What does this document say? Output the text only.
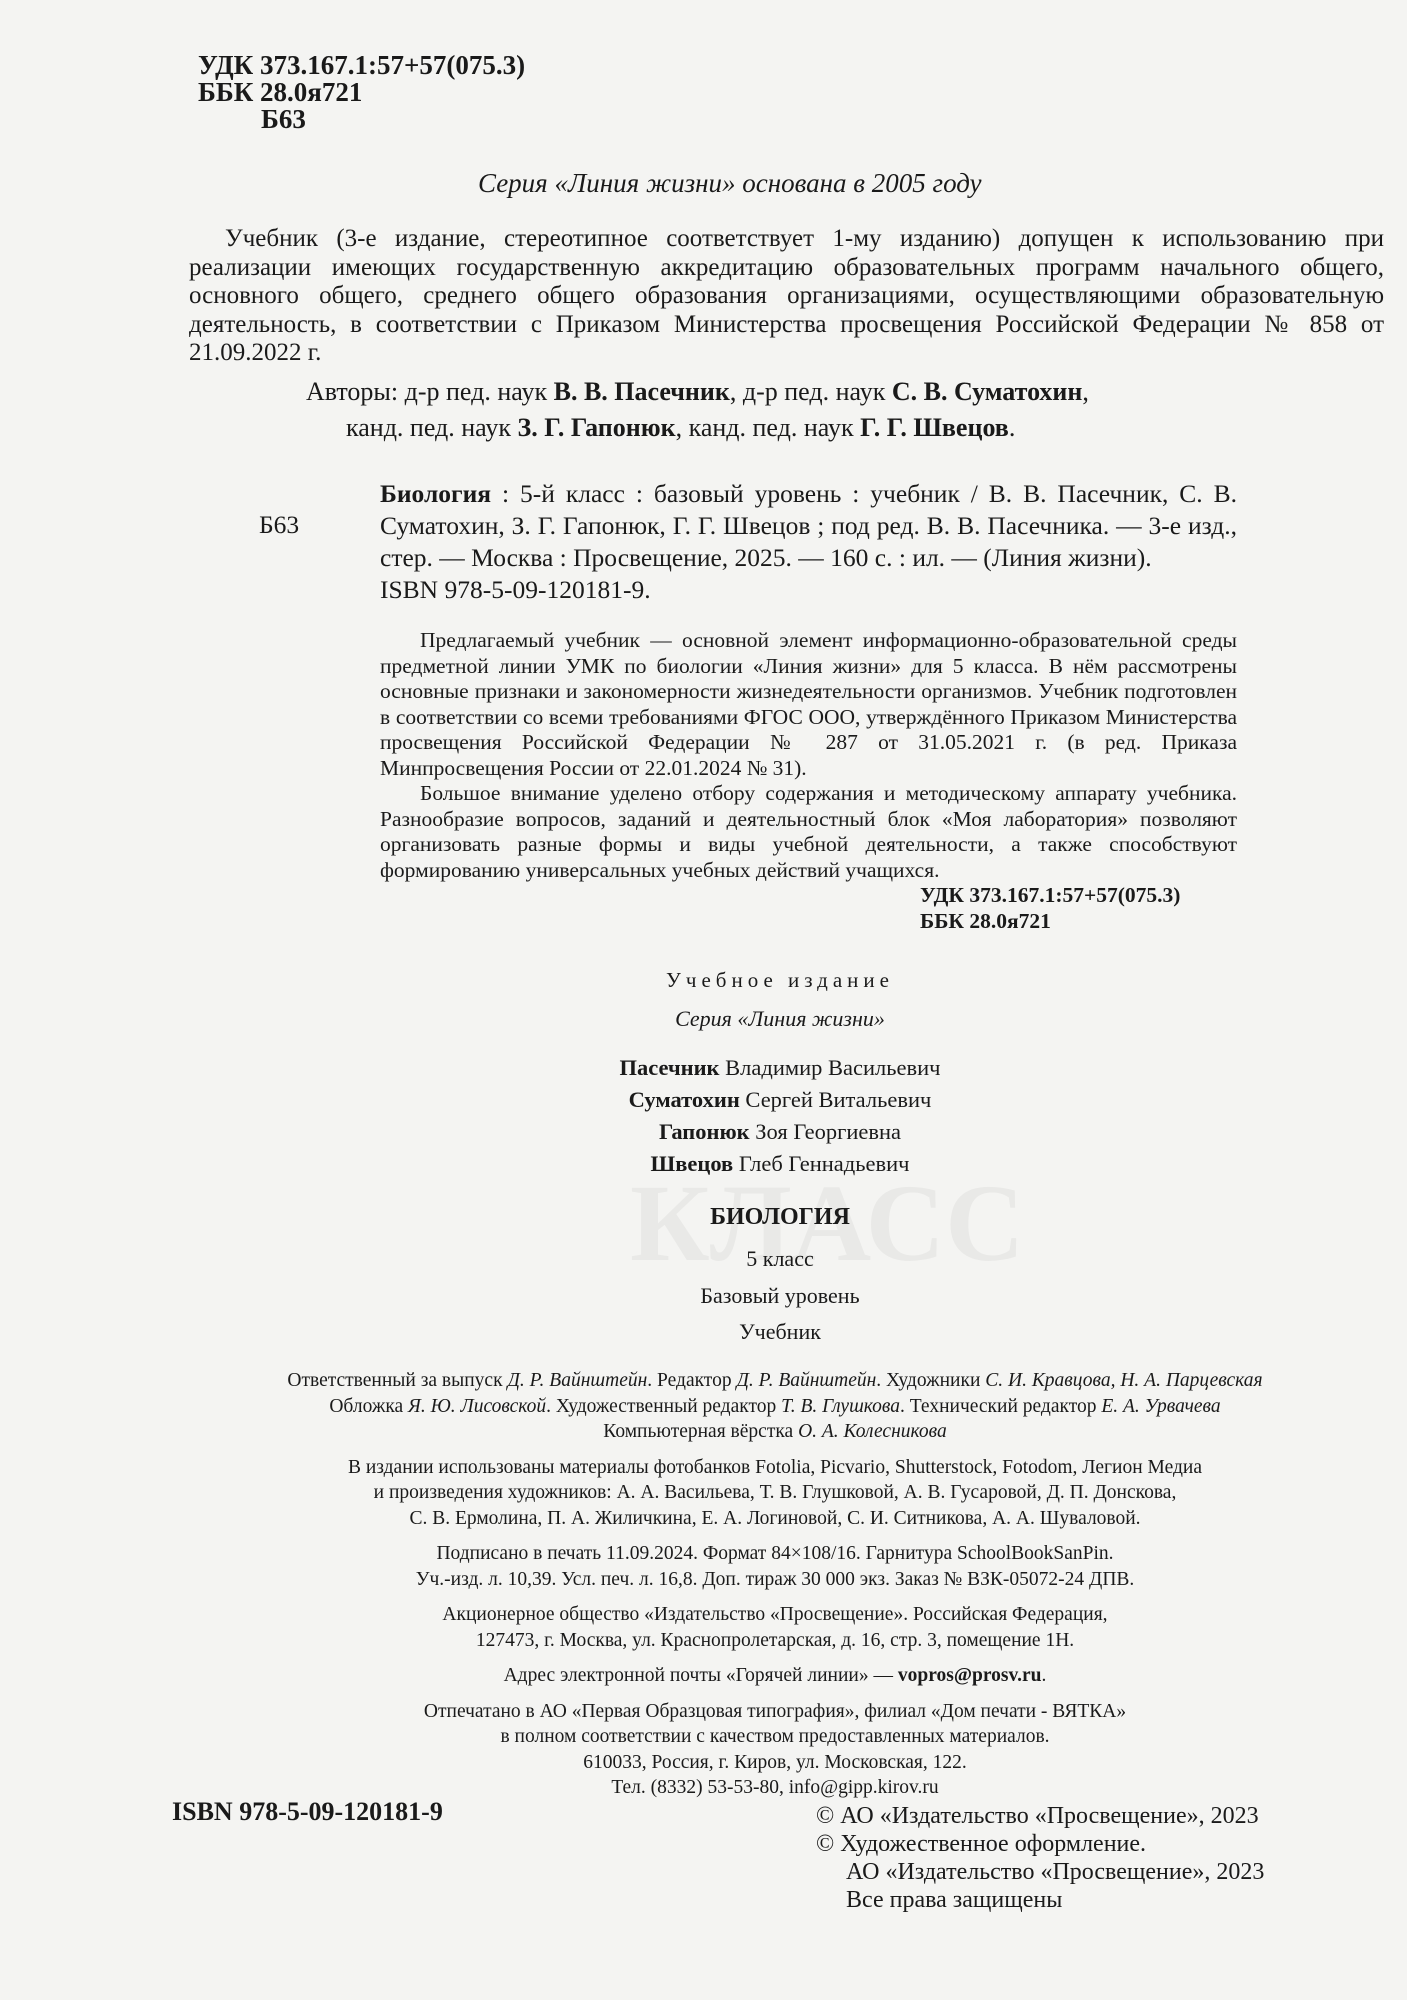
УДК 373.167.1:57+57(075.3)
ББК 28.0я721
Б63
Серия «Линия жизни» основана в 2005 году

Учебник (3-е издание, стереотипное соответствует 1-му изданию) допущен к использованию при реализации имеющих государственную аккредитацию образовательных программ начального общего, основного общего, среднего общего образования организациями, осуществляющими образовательную деятельность, в соответствии с Приказом Министерства просвещения Российской Федерации № 858 от 21.09.2022 г.

Авторы: д-р пед. наук В. В. Пасечник, д-р пед. наук С. В. Суматохин,
канд. пед. наук З. Г. Гапонюк, канд. пед. наук Г. Г. Швецов.
Б63
Биология : 5-й класс : базовый уровень : учебник / В. В. Пасечник, С. В. Суматохин, З. Г. Гапонюк, Г. Г. Швецов ; под ред. В. В. Пасечника. — 3-е изд., стер. — Москва : Просвещение, 2025. — 160 с. : ил. — (Линия жизни).
ISBN 978-5-09-120181-9.

Предлагаемый учебник — основной элемент информационно-образовательной среды предметной линии УМК по биологии «Линия жизни» для 5 класса. В нём рассмотрены основные признаки и закономерности жизнедеятельности организмов. Учебник подготовлен в соответствии со всеми требованиями ФГОС ООО, утверждённого Приказом Министерства просвещения Российской Федерации № 287 от 31.05.2021 г. (в ред. Приказа Минпросвещения России от 22.01.2024 № 31).

Большое внимание уделено отбору содержания и методическому аппарату учебника. Разнообразие вопросов, заданий и деятельностный блок «Моя лаборатория» позволяют организовать разные формы и виды учебной деятельности, а также способствуют формированию универсальных учебных действий учащихся.

УДК 373.167.1:57+57(075.3)
ББК 28.0я721
Учебное издание
Серия «Линия жизни»
Пасечник Владимир Васильевич
Суматохин Сергей Витальевич
Гапонюк Зоя Георгиевна
Швецов Глеб Геннадьевич
БИОЛОГИЯ
5 класс
Базовый уровень
Учебник

Ответственный за выпуск Д. Р. Вайнштейн. Редактор Д. Р. Вайнштейн. Художники С. И. Кравцова, Н. А. Парцевская
Обложка Я. Ю. Лисовской. Художественный редактор Т. В. Глушкова. Технический редактор Е. А. Урвачева
Компьютерная вёрстка О. А. Колесникова

В издании использованы материалы фотобанков Fotolia, Picvario, Shutterstock, Fotodom, Легион Медиа
и произведения художников: А. А. Васильева, Т. В. Глушковой, А. В. Гусаровой, Д. П. Донскова,
С. В. Ермолина, П. А. Жиличкина, Е. А. Логиновой, С. И. Ситникова, А. А. Шуваловой.

Подписано в печать 11.09.2024. Формат 84×108/16. Гарнитура SchoolBookSanPin.
Уч.-изд. л. 10,39. Усл. печ. л. 16,8. Доп. тираж 30 000 экз. Заказ № ВЗК-05072-24 ДПВ.

Акционерное общество «Издательство «Просвещение». Российская Федерация,
127473, г. Москва, ул. Краснопролетарская, д. 16, стр. 3, помещение 1Н.

Адрес электронной почты «Горячей линии» — vopros@prosv.ru.

Отпечатано в АО «Первая Образцовая типография», филиал «Дом печати - ВЯТКА»
в полном соответствии с качеством предоставленных материалов.
610033, Россия, г. Киров, ул. Московская, 122.
Тел. (8332) 53-53-80, info@gipp.kirov.ru

ISBN 978-5-09-120181-9	© АО «Издательство «Просвещение», 2023
© Художественное оформление.
АО «Издательство «Просвещение», 2023
Все права защищены
